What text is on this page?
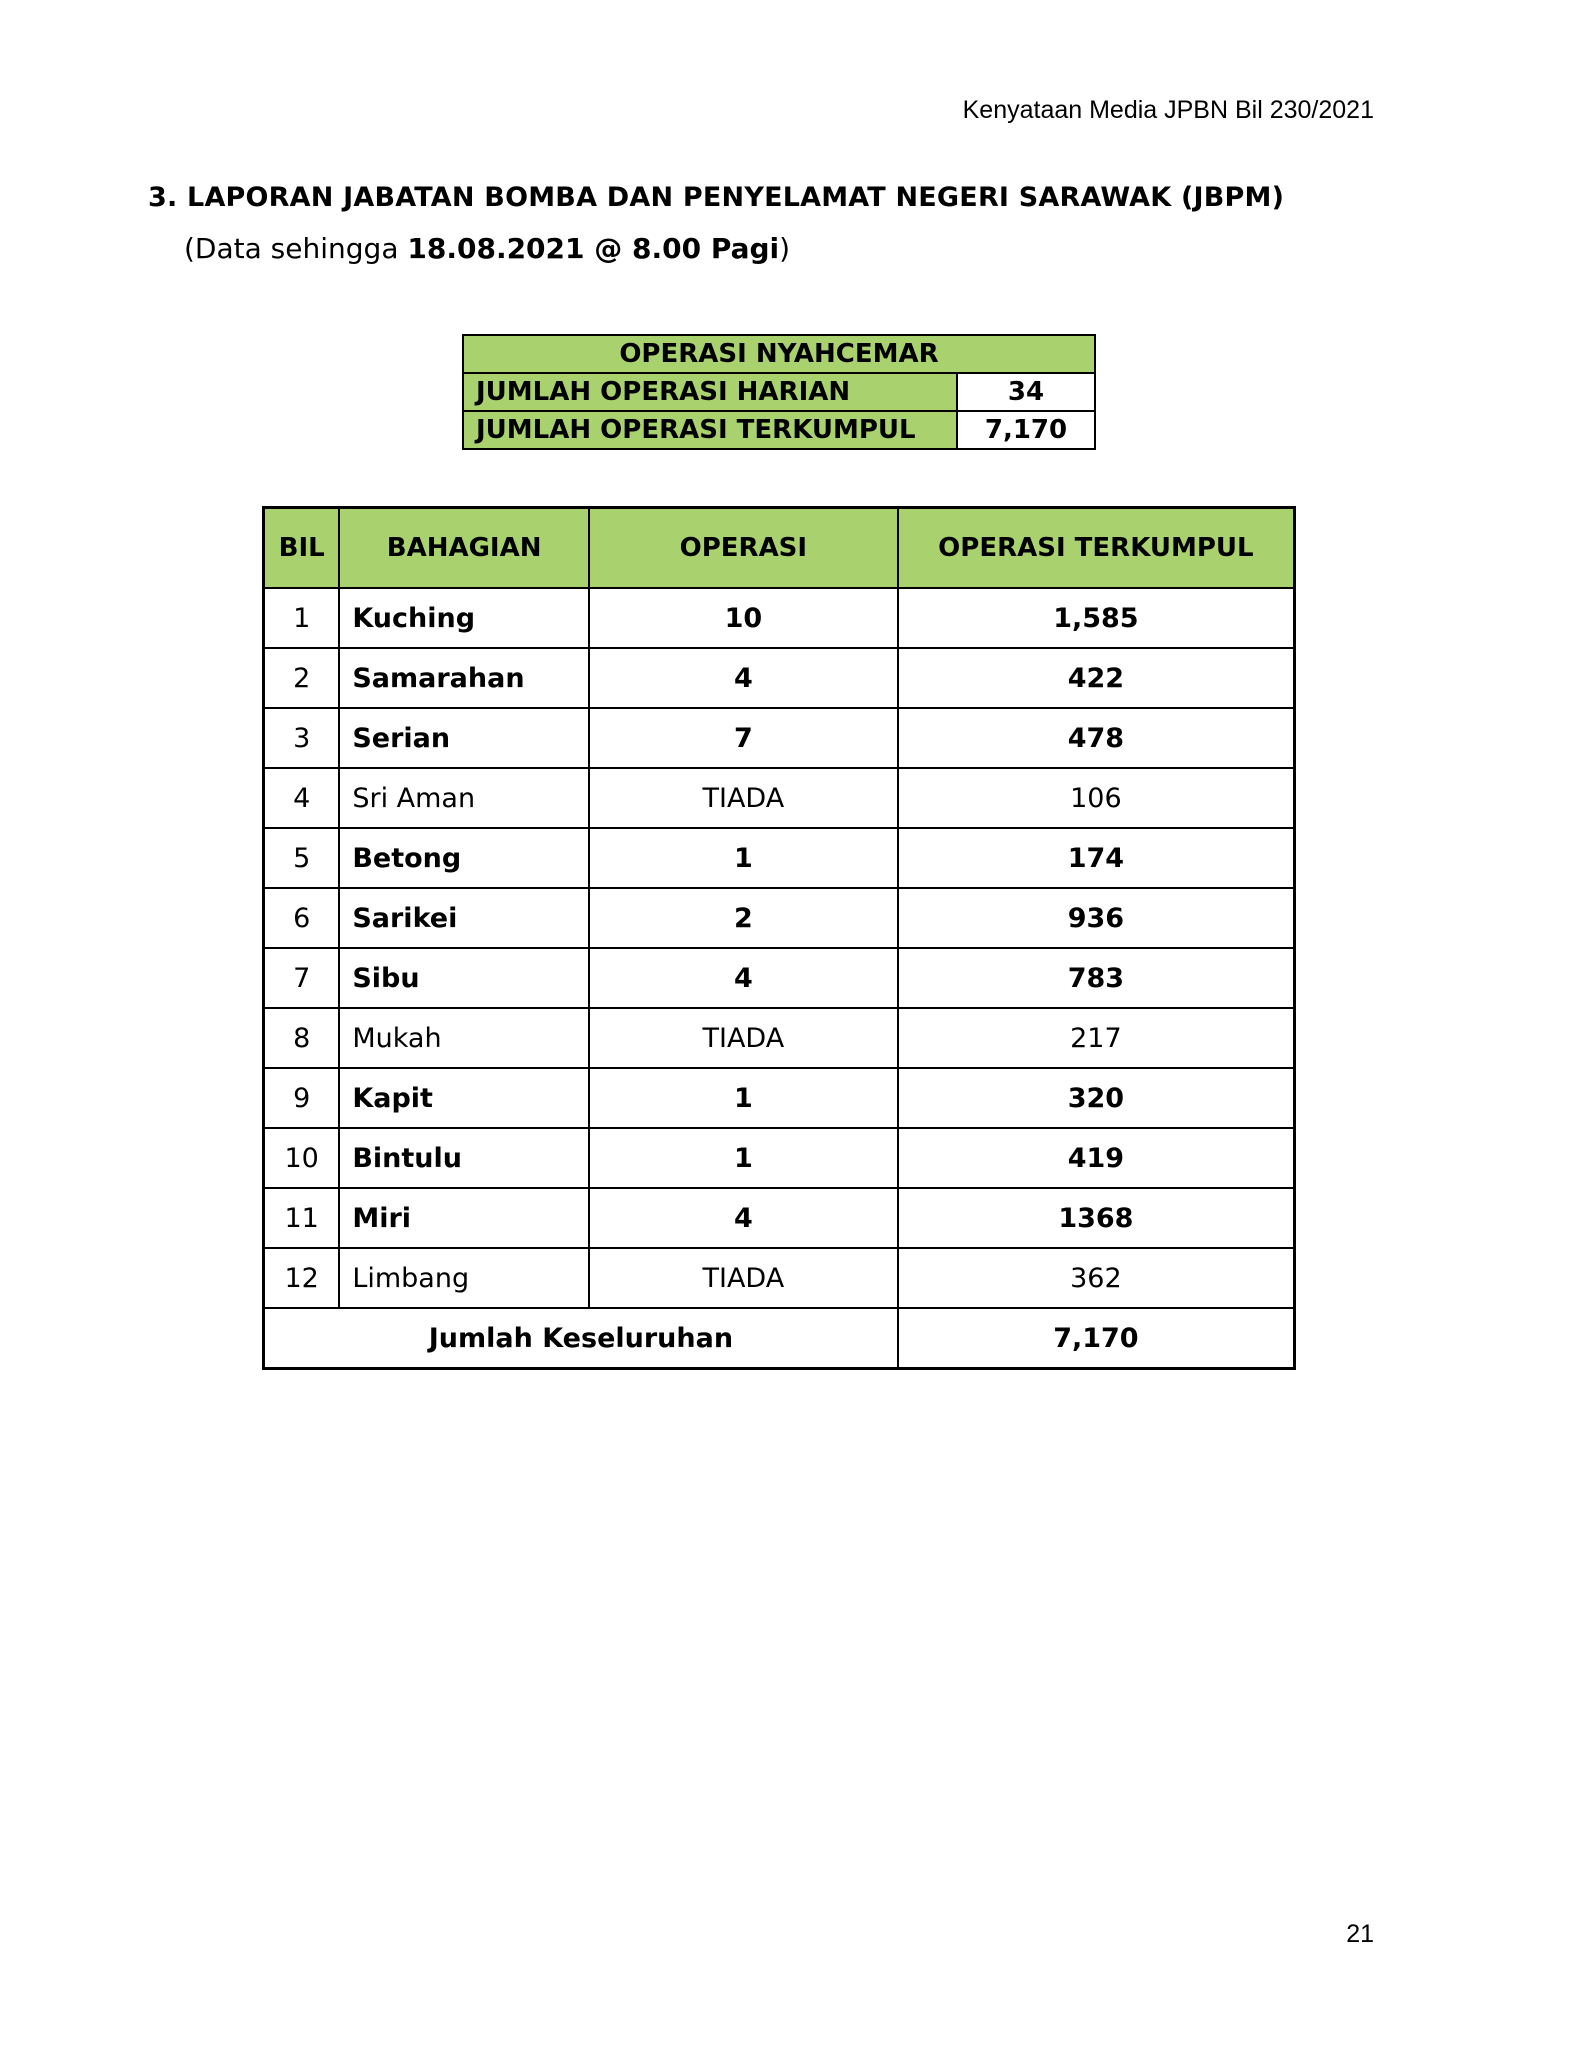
Kenyataan Media JPBN Bil 230/2021
3. LAPORAN JABATAN BOMBA DAN PENYELAMAT NEGERI SARAWAK (JBPM)
(Data sehingga 18.08.2021 @ 8.00 Pagi)
OPERASI NYAHCEMAR	
JUMLAH OPERASI HARIAN	34
JUMLAH OPERASI TERKUMPUL	7,170
BIL	BAHAGIAN	OPERASI	OPERASI TERKUMPUL
1	Kuching	10	1,585
2	Samarahan	4	422
3	Serian	7	478
4	Sri Aman	TIADA	106
5	Betong	1	174
6	Sarikei	2	936
7	Sibu	4	783
8	Mukah	TIADA	217
9	Kapit	1	320
10	Bintulu	1	419
11	Miri	4	1368
12	Limbang	TIADA	362
Jumlah Keseluruhan			7,170
21
